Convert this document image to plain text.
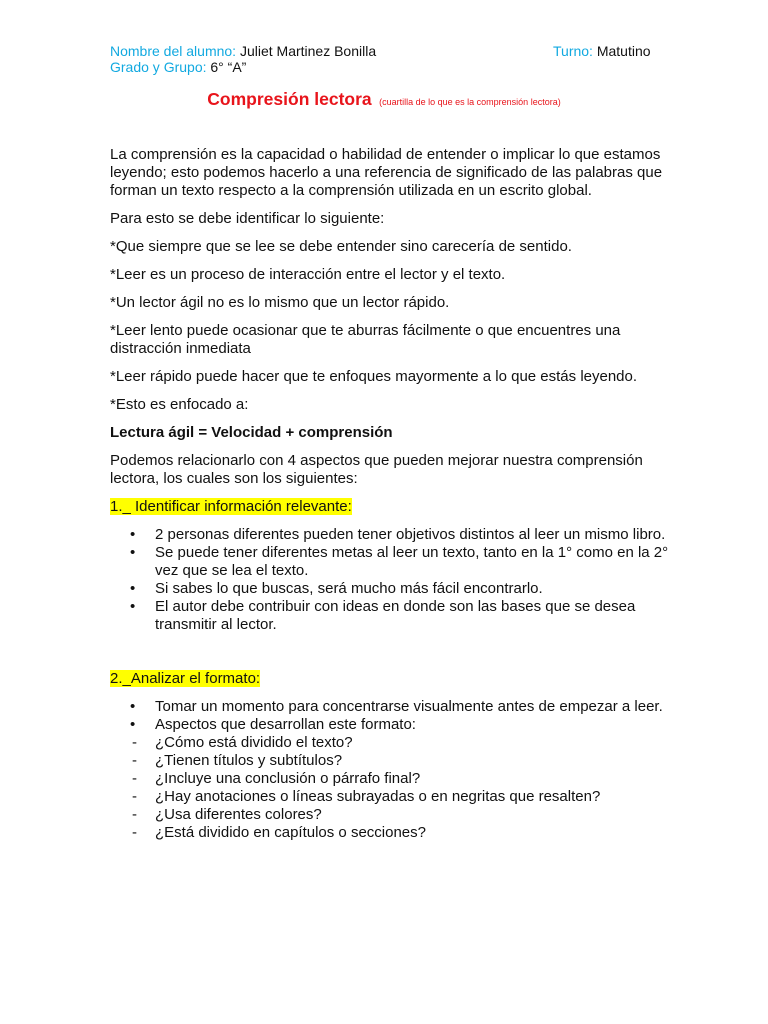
Nombre del alumno: Juliet Martinez Bonilla	Turno: Matutino
Grado y Grupo: 6° “A”
Compresión lectora (cuartilla de lo que es la comprensión lectora)

La comprensión es la capacidad o habilidad de entender o implicar lo que estamos leyendo; esto podemos hacerlo a una referencia de significado de las palabras que forman un texto respecto a la comprensión utilizada en un escrito global.

Para esto se debe identificar lo siguiente:

*Que siempre que se lee se debe entender sino carecería de sentido.

*Leer es un proceso de interacción entre el lector y el texto.

*Un lector ágil no es lo mismo que un lector rápido.

*Leer lento puede ocasionar que te aburras fácilmente o que encuentres una distracción inmediata

*Leer rápido puede hacer que te enfoques mayormente a lo que estás leyendo.

*Esto es enfocado a:

Lectura ágil = Velocidad + comprensión

Podemos relacionarlo con 4 aspectos que pueden mejorar nuestra comprensión lectora, los cuales son los siguientes:

1._ Identificar información relevante:

• 2 personas diferentes pueden tener objetivos distintos al leer un mismo libro.
• Se puede tener diferentes metas al leer un texto, tanto en la 1° como en la 2° vez que se lea el texto.
• Si sabes lo que buscas, será mucho más fácil encontrarlo.
• El autor debe contribuir con ideas en donde son las bases que se desea transmitir al lector.

2._Analizar el formato:

• Tomar un momento para concentrarse visualmente antes de empezar a leer.
• Aspectos que desarrollan este formato:
- ¿Cómo está dividido el texto?
- ¿Tienen títulos y subtítulos?
- ¿Incluye una conclusión o párrafo final?
- ¿Hay anotaciones o líneas subrayadas o en negritas que resalten?
- ¿Usa diferentes colores?
- ¿Está dividido en capítulos o secciones?
